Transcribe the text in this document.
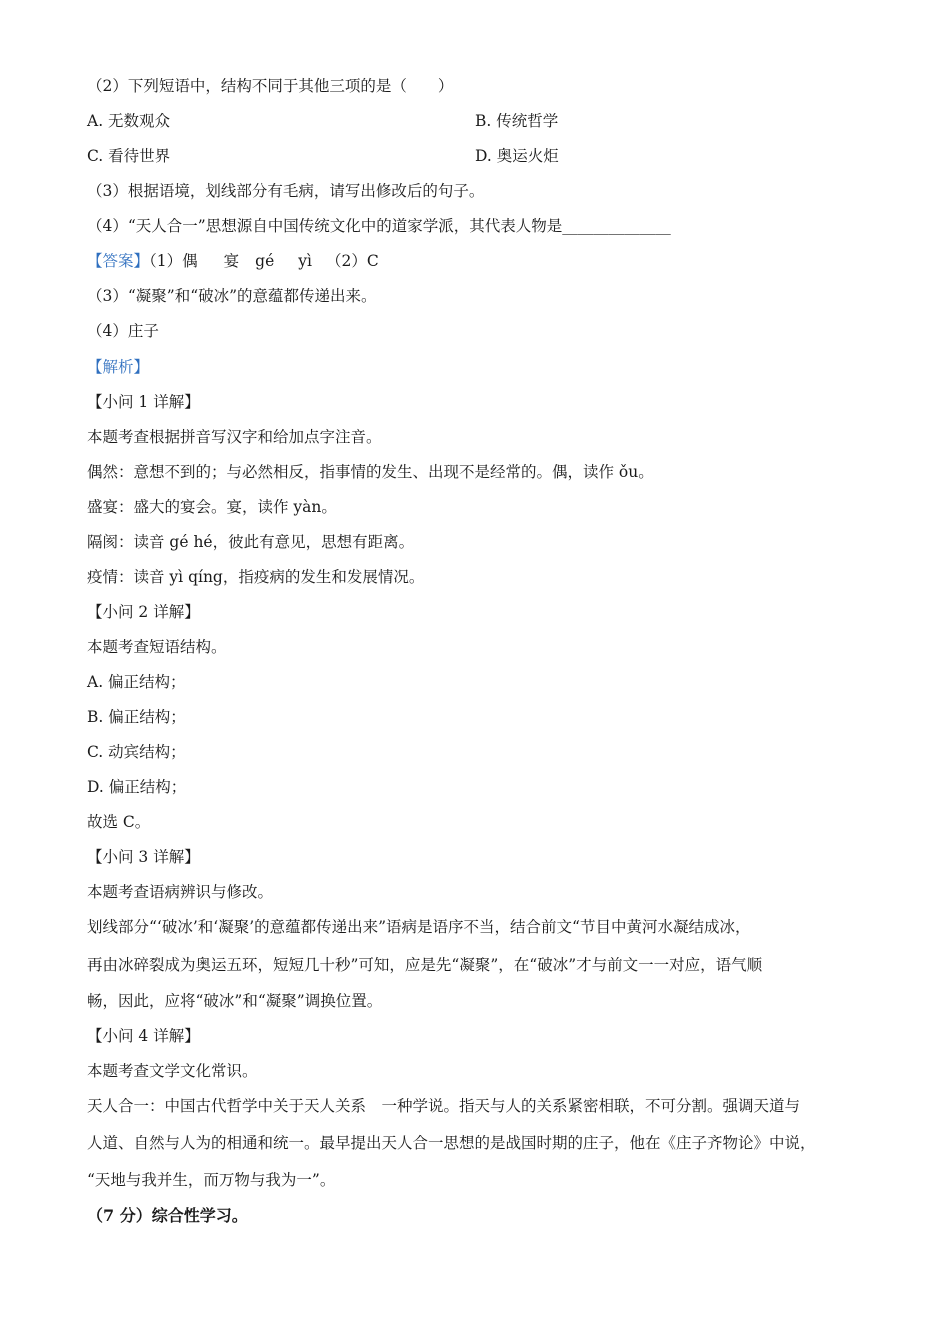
（2）下列短语中，结构不同于其他三项的是（　　）
A. 无数观众	B. 传统哲学
C. 看待世界	D. 奥运火炬
（3）根据语境，划线部分有毛病，请写出修改后的句子。
（4）“天人合一”思想源自中国传统文化中的道家学派，其代表人物是______________
【答案】（1）偶 宴 gé yì （2）C
（3）“凝聚”和“破冰”的意蕴都传递出来。
（4）庄子
【解析】
【小问 1 详解】
本题考查根据拼音写汉字和给加点字注音。
偶然：意想不到的；与必然相反，指事情的发生、出现不是经常的。偶，读作 ǒu。
盛宴：盛大的宴会。宴，读作 yàn。
隔阂：读音 gé hé，彼此有意见，思想有距离。
疫情：读音 yì qíng，指疫病的发生和发展情况。
【小问 2 详解】
本题考查短语结构。
A. 偏正结构；
B. 偏正结构；
C. 动宾结构；
D. 偏正结构；
故选 C。
【小问 3 详解】
本题考查语病辨识与修改。
划线部分“‘破冰’和‘凝聚’的意蕴都传递出来”语病是语序不当，结合前文“节目中黄河水凝结成冰，
再由冰碎裂成为奥运五环，短短几十秒”可知，应是先“凝聚”，在“破冰”才与前文一一对应，语气顺
畅，因此，应将“破冰”和“凝聚”调换位置。
【小问 4 详解】
本题考查文学文化常识。
天人合一：中国古代哲学中关于天人关系　一种学说。指天与人的关系紧密相联，不可分割。强调天道与
人道、自然与人为的相通和统一。最早提出天人合一思想的是战国时期的庄子，他在《庄子齐物论》中说，
“天地与我并生，而万物与我为一”。
（7 分）综合性学习。
